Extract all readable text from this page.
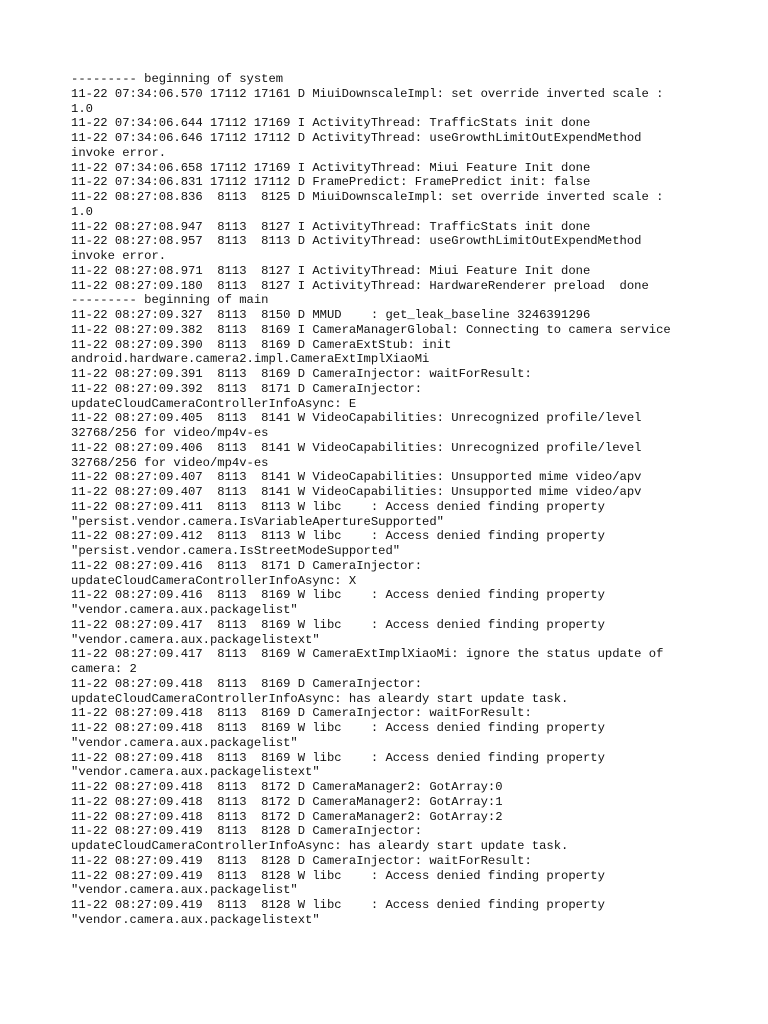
--------- beginning of system
11-22 07:34:06.570 17112 17161 D MiuiDownscaleImpl: set override inverted scale :
1.0
11-22 07:34:06.644 17112 17169 I ActivityThread: TrafficStats init done
11-22 07:34:06.646 17112 17112 D ActivityThread: useGrowthLimitOutExpendMethod
invoke error.
11-22 07:34:06.658 17112 17169 I ActivityThread: Miui Feature Init done
11-22 07:34:06.831 17112 17112 D FramePredict: FramePredict init: false
11-22 08:27:08.836  8113  8125 D MiuiDownscaleImpl: set override inverted scale :
1.0
11-22 08:27:08.947  8113  8127 I ActivityThread: TrafficStats init done
11-22 08:27:08.957  8113  8113 D ActivityThread: useGrowthLimitOutExpendMethod
invoke error.
11-22 08:27:08.971  8113  8127 I ActivityThread: Miui Feature Init done
11-22 08:27:09.180  8113  8127 I ActivityThread: HardwareRenderer preload  done
--------- beginning of main
11-22 08:27:09.327  8113  8150 D MMUD    : get_leak_baseline 3246391296
11-22 08:27:09.382  8113  8169 I CameraManagerGlobal: Connecting to camera service
11-22 08:27:09.390  8113  8169 D CameraExtStub: init
android.hardware.camera2.impl.CameraExtImplXiaoMi
11-22 08:27:09.391  8113  8169 D CameraInjector: waitForResult:
11-22 08:27:09.392  8113  8171 D CameraInjector:
updateCloudCameraControllerInfoAsync: E
11-22 08:27:09.405  8113  8141 W VideoCapabilities: Unrecognized profile/level
32768/256 for video/mp4v-es
11-22 08:27:09.406  8113  8141 W VideoCapabilities: Unrecognized profile/level
32768/256 for video/mp4v-es
11-22 08:27:09.407  8113  8141 W VideoCapabilities: Unsupported mime video/apv
11-22 08:27:09.407  8113  8141 W VideoCapabilities: Unsupported mime video/apv
11-22 08:27:09.411  8113  8113 W libc    : Access denied finding property
"persist.vendor.camera.IsVariableApertureSupported"
11-22 08:27:09.412  8113  8113 W libc    : Access denied finding property
"persist.vendor.camera.IsStreetModeSupported"
11-22 08:27:09.416  8113  8171 D CameraInjector:
updateCloudCameraControllerInfoAsync: X
11-22 08:27:09.416  8113  8169 W libc    : Access denied finding property
"vendor.camera.aux.packagelist"
11-22 08:27:09.417  8113  8169 W libc    : Access denied finding property
"vendor.camera.aux.packagelistext"
11-22 08:27:09.417  8113  8169 W CameraExtImplXiaoMi: ignore the status update of
camera: 2
11-22 08:27:09.418  8113  8169 D CameraInjector:
updateCloudCameraControllerInfoAsync: has aleardy start update task.
11-22 08:27:09.418  8113  8169 D CameraInjector: waitForResult:
11-22 08:27:09.418  8113  8169 W libc    : Access denied finding property
"vendor.camera.aux.packagelist"
11-22 08:27:09.418  8113  8169 W libc    : Access denied finding property
"vendor.camera.aux.packagelistext"
11-22 08:27:09.418  8113  8172 D CameraManager2: GotArray:0
11-22 08:27:09.418  8113  8172 D CameraManager2: GotArray:1
11-22 08:27:09.418  8113  8172 D CameraManager2: GotArray:2
11-22 08:27:09.419  8113  8128 D CameraInjector:
updateCloudCameraControllerInfoAsync: has aleardy start update task.
11-22 08:27:09.419  8113  8128 D CameraInjector: waitForResult:
11-22 08:27:09.419  8113  8128 W libc    : Access denied finding property
"vendor.camera.aux.packagelist"
11-22 08:27:09.419  8113  8128 W libc    : Access denied finding property
"vendor.camera.aux.packagelistext"
